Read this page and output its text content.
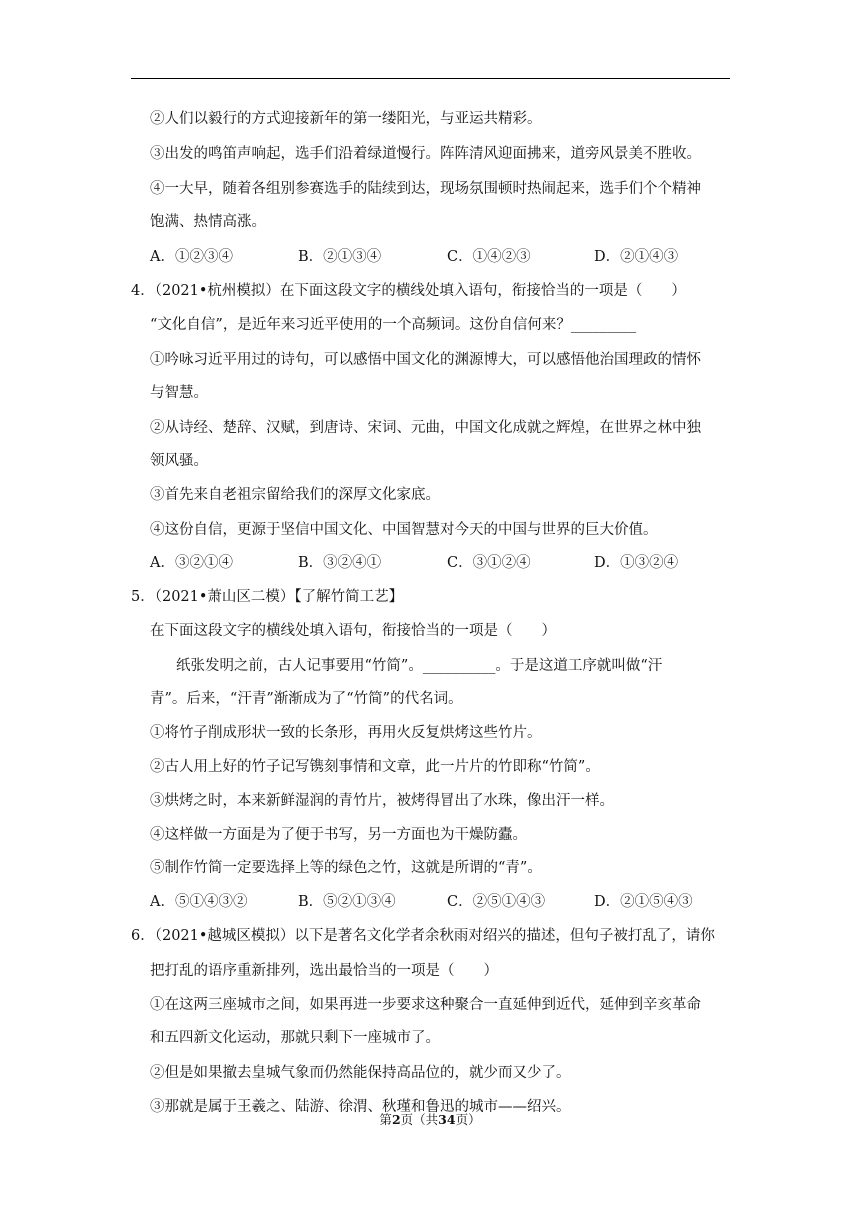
②人们以毅行的方式迎接新年的第一缕阳光，与亚运共精彩。
③出发的鸣笛声响起，选手们沿着绿道慢行。阵阵清风迎面拂来，道旁风景美不胜收。
④一大早，随着各组别参赛选手的陆续到达，现场氛围顿时热闹起来，选手们个个精神
饱满、热情高涨。
A．①②③④	B．②①③④	C．①④②③	D．②①④③
4．（2021•杭州模拟）在下面这段文字的横线处填入语句，衔接恰当的一项是（　　）
“文化自信”，是近年来习近平使用的一个高频词。这份自信何来？_________
①吟咏习近平用过的诗句，可以感悟中国文化的渊源博大，可以感悟他治国理政的情怀
与智慧。
②从诗经、楚辞、汉赋，到唐诗、宋词、元曲，中国文化成就之辉煌，在世界之林中独
领风骚。
③首先来自老祖宗留给我们的深厚文化家底。
④这份自信，更源于坚信中国文化、中国智慧对今天的中国与世界的巨大价值。
A．③②①④	B．③②④①	C．③①②④	D．①③②④
5．（2021•萧山区二模）【了解竹简工艺】
在下面这段文字的横线处填入语句，衔接恰当的一项是（　　）
纸张发明之前，古人记事要用“竹简”。__________。于是这道工序就叫做“汗
青”。后来，“汗青”渐渐成为了“竹简”的代名词。
①将竹子削成形状一致的长条形，再用火反复烘烤这些竹片。
②古人用上好的竹子记写镌刻事情和文章，此一片片的竹即称“竹简”。
③烘烤之时，本来新鲜湿润的青竹片，被烤得冒出了水珠，像出汗一样。
④这样做一方面是为了便于书写，另一方面也为干燥防蠹。
⑤制作竹简一定要选择上等的绿色之竹，这就是所谓的“青”。
A．⑤①④③②	B．⑤②①③④	C．②⑤①④③	D．②①⑤④③
6．（2021•越城区模拟）以下是著名文化学者余秋雨对绍兴的描述，但句子被打乱了，请你
把打乱的语序重新排列，选出最恰当的一项是（　　）
①在这两三座城市之间，如果再进一步要求这种聚合一直延伸到近代，延伸到辛亥革命
和五四新文化运动，那就只剩下一座城市了。
②但是如果撤去皇城气象而仍然能保持高品位的，就少而又少了。
③那就是属于王羲之、陆游、徐渭、秋瑾和鲁迅的城市——绍兴。
第2页（共34页）
